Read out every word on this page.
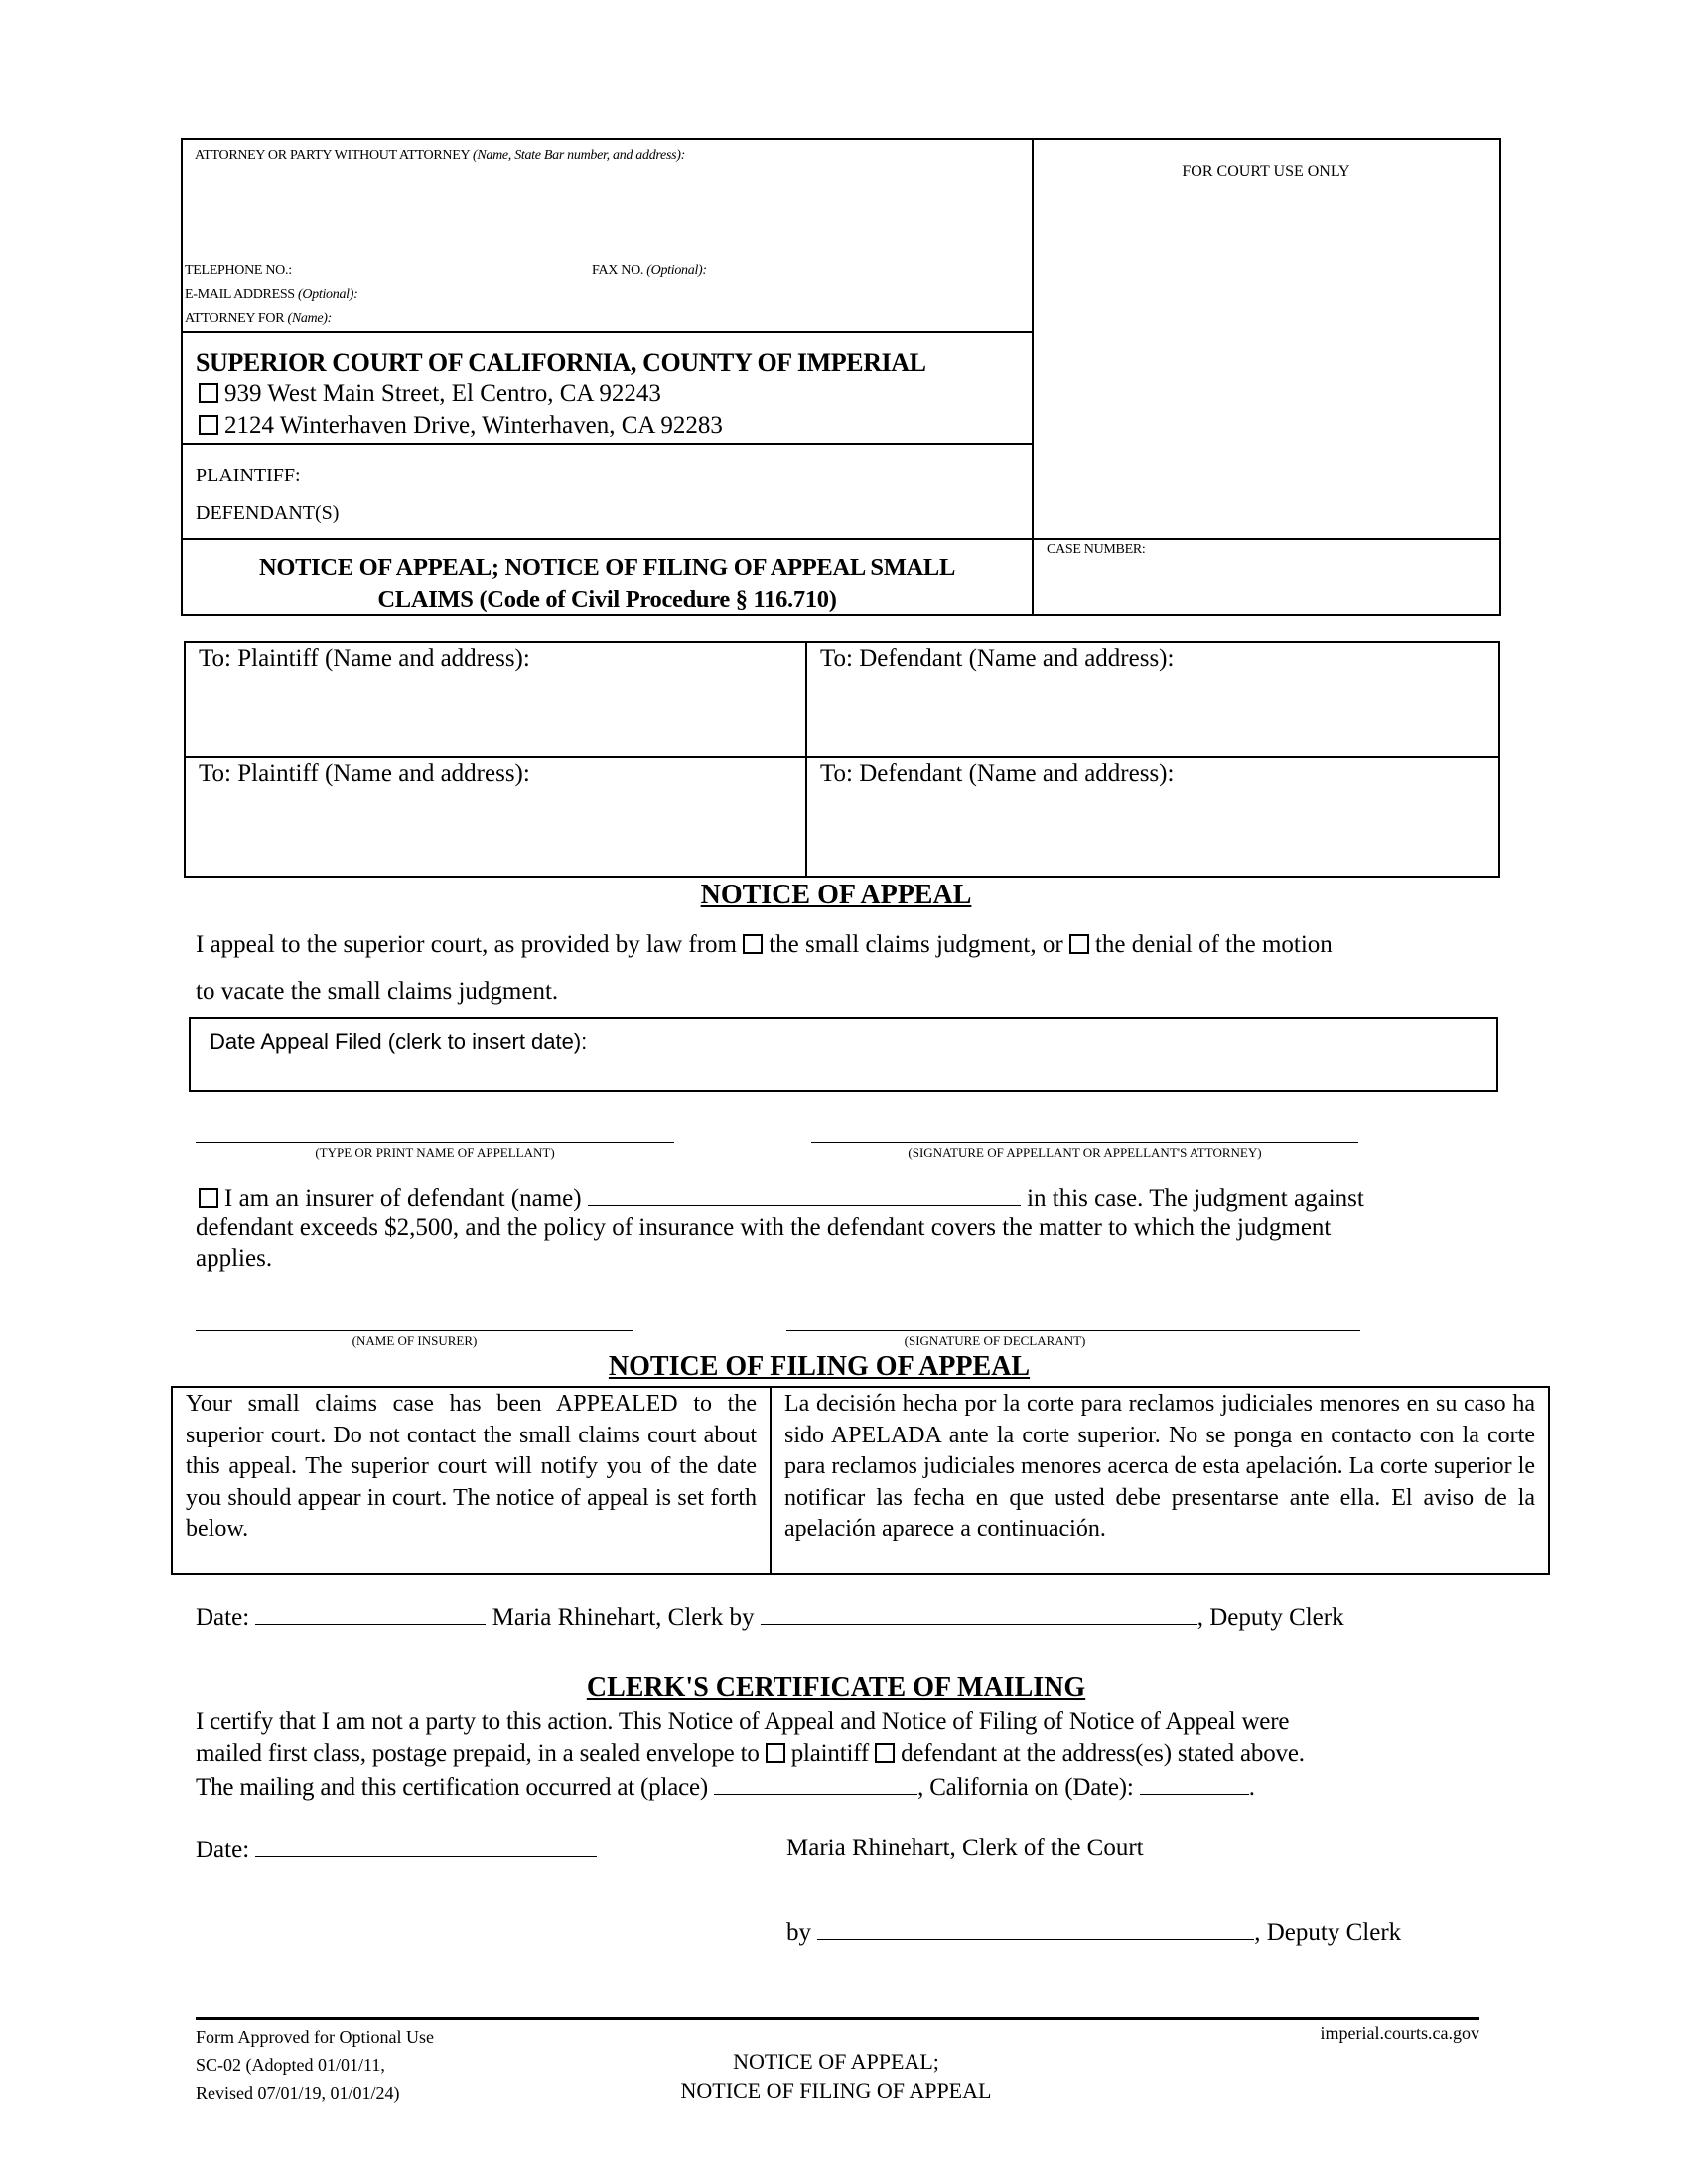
ATTORNEY OR PARTY WITHOUT ATTORNEY (Name, State Bar number, and address):
TELEPHONE NO.:	FAX NO. (Optional):
E-MAIL ADDRESS (Optional):
ATTORNEY FOR (Name):
FOR COURT USE ONLY
SUPERIOR COURT OF CALIFORNIA, COUNTY OF IMPERIAL
939 West Main Street, El Centro, CA 92243
2124 Winterhaven Drive, Winterhaven, CA 92283
PLAINTIFF:
DEFENDANT(S)
NOTICE OF APPEAL; NOTICE OF FILING OF APPEAL SMALL
CLAIMS (Code of Civil Procedure § 116.710)
CASE NUMBER:
To: Plaintiff (Name and address):	To: Defendant (Name and address):
To: Plaintiff (Name and address):	To: Defendant (Name and address):
NOTICE OF APPEAL
I appeal to the superior court, as provided by law from the small claims judgment, or the denial of the motion
to vacate the small claims judgment.
Date Appeal Filed (clerk to insert date):
(TYPE OR PRINT NAME OF APPELLANT)	(SIGNATURE OF APPELLANT OR APPELLANT'S ATTORNEY)
I am an insurer of defendant (name)	in this case. The judgment against
defendant exceeds $2,500, and the policy of insurance with the defendant covers the matter to which the judgment
applies.
(NAME OF INSURER)	(SIGNATURE OF DECLARANT)
NOTICE OF FILING OF APPEAL
Your small claims case has been APPEALED to the superior court. Do not contact the small claims court about this appeal. The superior court will notify you of the date you should appear in court. The notice of appeal is set forth below.
La decisión hecha por la corte para reclamos judiciales menores en su caso ha sido APELADA ante la corte superior. No se ponga en contacto con la corte para reclamos judiciales menores acerca de esta apelación. La corte superior le notificar las fecha en que usted debe presentarse ante ella. El aviso de la apelación aparece a continuación.
Date:	Maria Rhinehart, Clerk by	, Deputy Clerk
CLERK'S CERTIFICATE OF MAILING
I certify that I am not a party to this action. This Notice of Appeal and Notice of Filing of Notice of Appeal were
mailed first class, postage prepaid, in a sealed envelope to plaintiff defendant at the address(es) stated above.
The mailing and this certification occurred at (place)	, California on (Date):	.
Date:	Maria Rhinehart, Clerk of the Court
by	, Deputy Clerk
Form Approved for Optional Use
SC-02 (Adopted 01/01/11,
Revised 07/01/19, 01/01/24)
NOTICE OF APPEAL;
NOTICE OF FILING OF APPEAL
imperial.courts.ca.gov
